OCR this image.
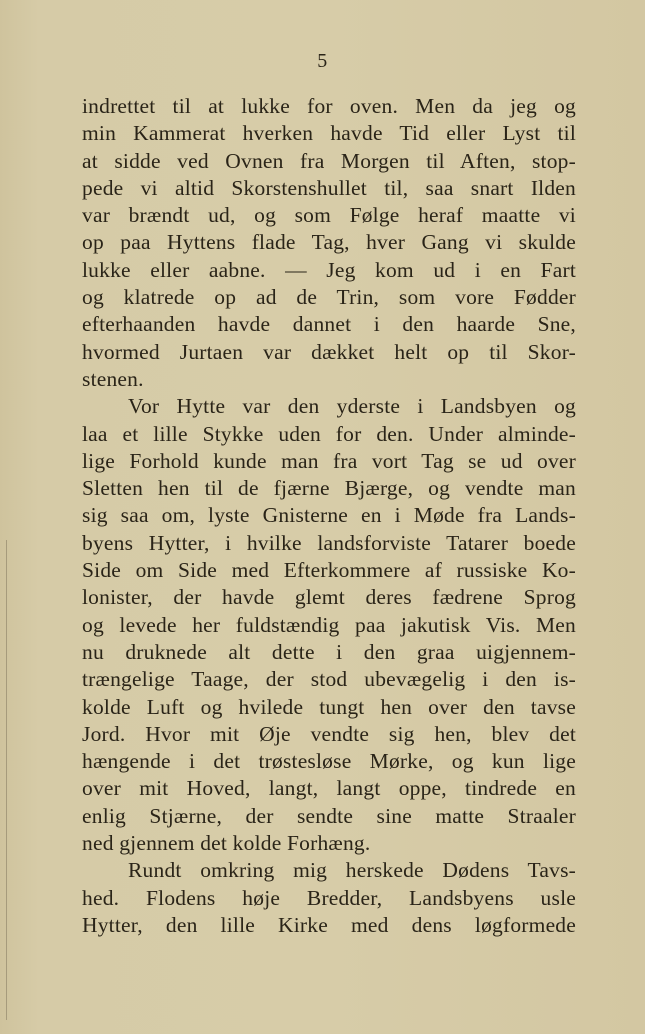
5
indrettet til at lukke for oven. Men da jeg og
min Kammerat hverken havde Tid eller Lyst til
at sidde ved Ovnen fra Morgen til Aften, stop-
pede vi altid Skorstenshullet til, saa snart Ilden
var brændt ud, og som Følge heraf maatte vi
op paa Hyttens flade Tag, hver Gang vi skulde
lukke eller aabne. — Jeg kom ud i en Fart
og klatrede op ad de Trin, som vore Fødder
efterhaanden havde dannet i den haarde Sne,
hvormed Jurtaen var dækket helt op til Skor-
stenen.
Vor Hytte var den yderste i Landsbyen og
laa et lille Stykke uden for den. Under alminde-
lige Forhold kunde man fra vort Tag se ud over
Sletten hen til de fjærne Bjærge, og vendte man
sig saa om, lyste Gnisterne en i Møde fra Lands-
byens Hytter, i hvilke landsforviste Tatarer boede
Side om Side med Efterkommere af russiske Ko-
lonister, der havde glemt deres fædrene Sprog
og levede her fuldstændig paa jakutisk Vis. Men
nu druknede alt dette i den graa uigjennem-
trængelige Taage, der stod ubevægelig i den is-
kolde Luft og hvilede tungt hen over den tavse
Jord. Hvor mit Øje vendte sig hen, blev det
hængende i det trøstesløse Mørke, og kun lige
over mit Hoved, langt, langt oppe, tindrede en
enlig Stjærne, der sendte sine matte Straaler
ned gjennem det kolde Forhæng.
Rundt omkring mig herskede Dødens Tavs-
hed. Flodens høje Bredder, Landsbyens usle
Hytter, den lille Kirke med dens løgformede
